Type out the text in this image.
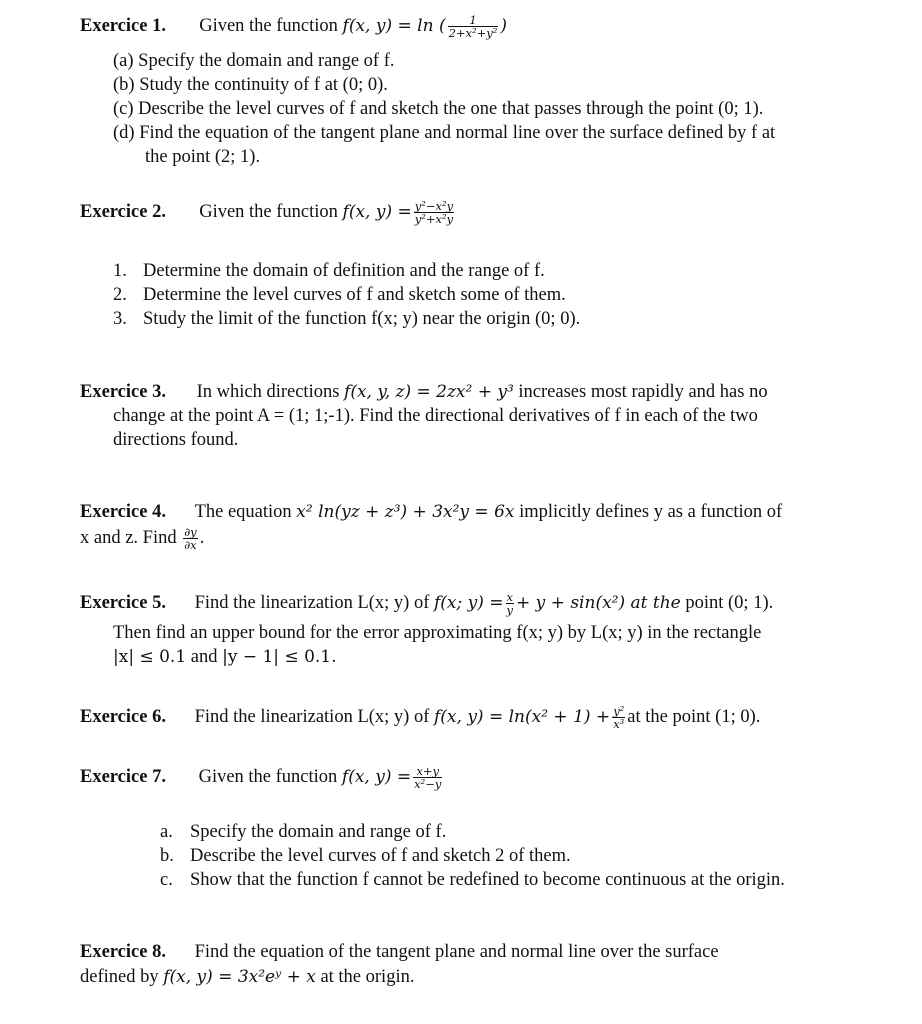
Exercice 1. Given the function f(x, y) = ln ( $\frac{1}{\text{2+x²+y²}}$ )
(a) Specify the domain and range of f.
(b) Study the continuity of f at (0; 0).
(c) Describe the level curves of f and sketch the one that passes through the point (0; 1).
(d) Find the equation of the tangent plane and normal line over the surface defined by f at
the point (2; 1).
Exercice 2. Given the function f(x, $y) = \frac{\text{y²−x²y}}{\text{y²+x²y}}$
1. Determine the domain of definition and the range of f.
2. Determine the level curves of f and sketch some of them.
3. Study the limit of the function f(x; y) near the origin (0; 0).
Exercice 3. In which directions f(x, y, z) = 2zx² + y³ increases most rapidly and has no
change at the point A = (1; 1;-1). Find the directional derivatives of f in each of the two
directions found.
Exercice 4. The equation x² ln(yz + z³) + 3x²y = 6x implicitly defines y as a function of
x and z. Find $\frac{\partial y}{\partial x}$ .
Exercice 5. Find the linearization L(x; y) of f(x; $y) = \frac{x}{y} + y + \sin(x^2)$ at the point (0; 1).
Then find an upper bound for the error approximating f(x; y) by L(x; y) in the rectangle
|x| ≤ 0.1 and |y − 1| ≤ 0.1.
Exercice 6. Find the linearization L(x; y) of f(x, $y) = \ln(x^2 + 1) + \frac{\text{y²}}{\text{x³}}$ at the point (1; 0).
Exercice 7. Given the function f(x, $y) = \frac{x+y}{\text{x²−y}}$
a. Specify the domain and range of f.
b. Describe the level curves of f and sketch 2 of them.
c. Show that the function f cannot be redefined to become continuous at the origin.
Exercice 8. Find the equation of the tangent plane and normal line over the surface
defined by f(x, y) = 3x²eʸ + x at the origin.
